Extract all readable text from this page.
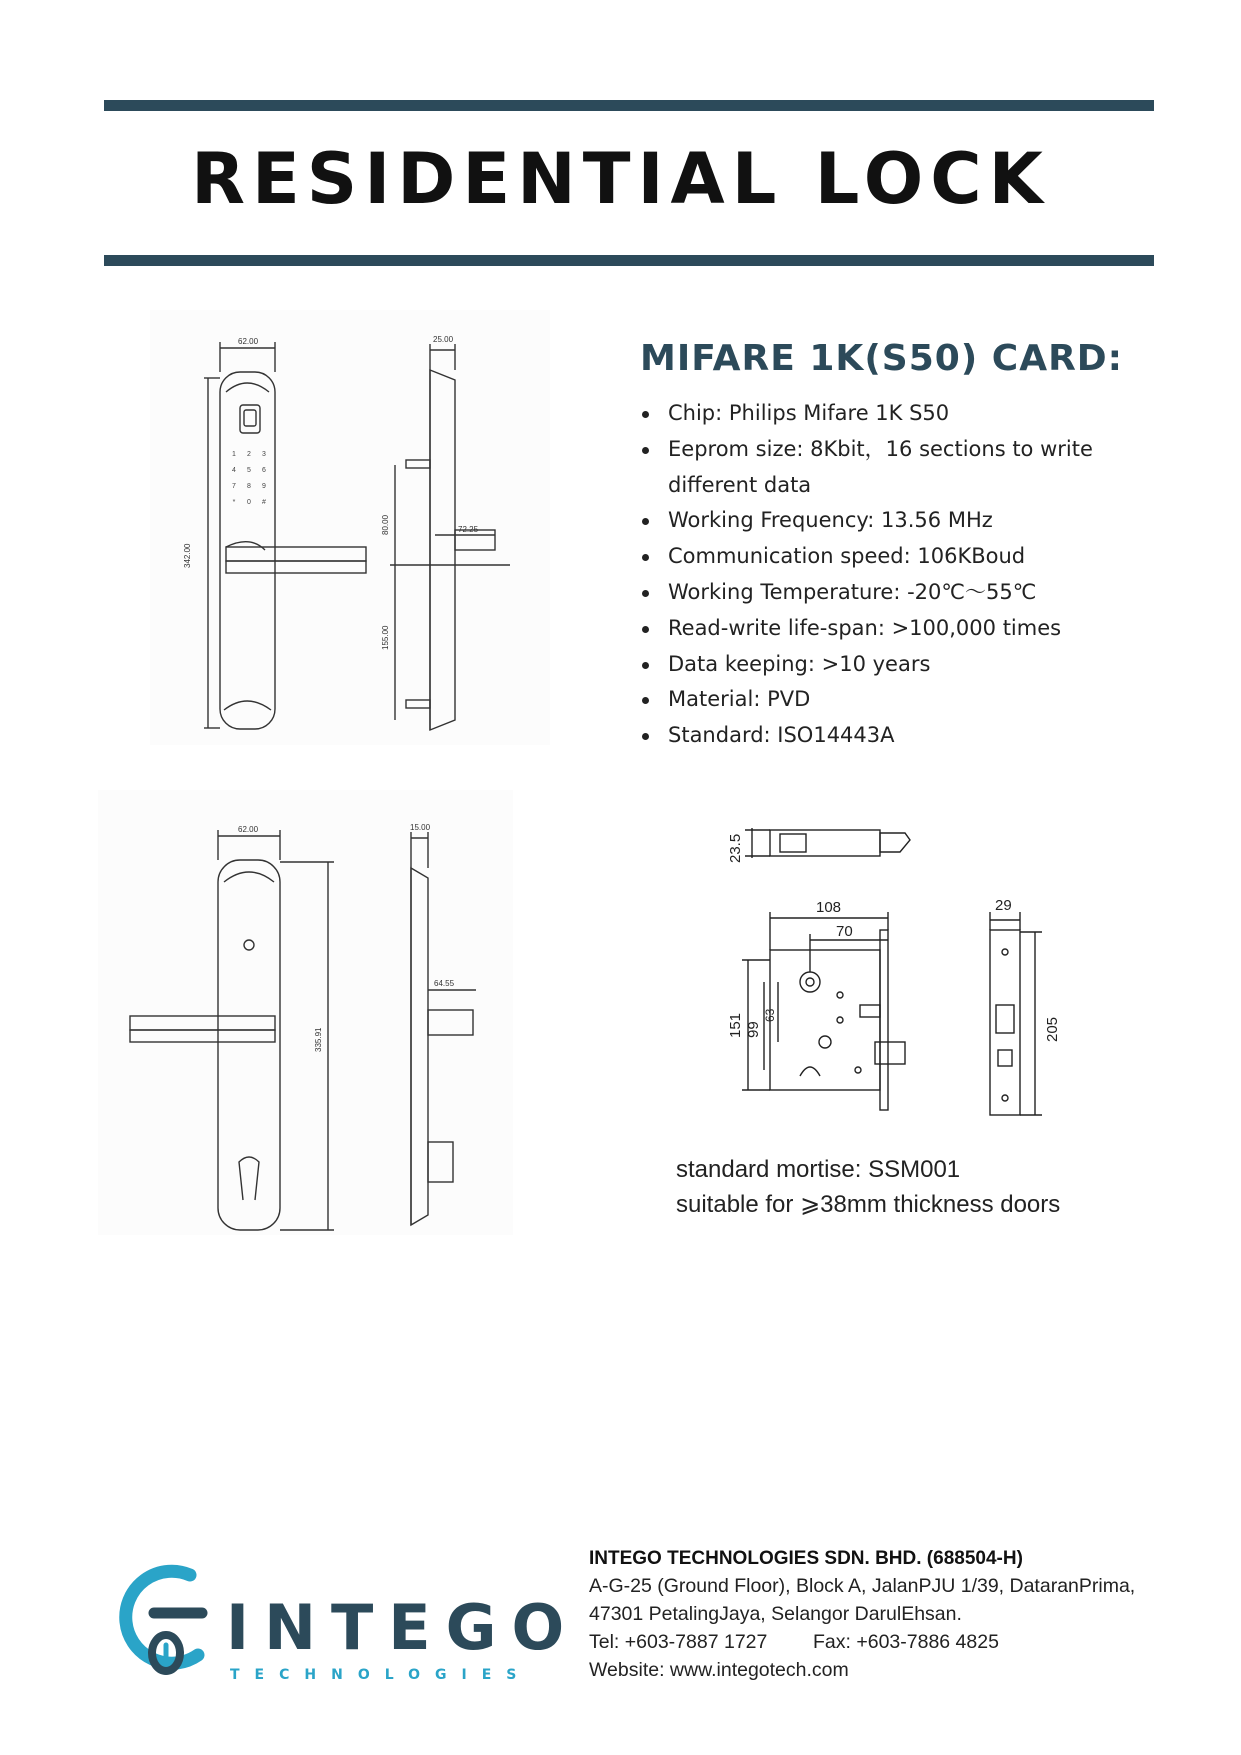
RESIDENTIAL LOCK
62.00	25.00
342.00
80.00	72.25
155.00
1 2 3
4 5 6
7 8 9
* 0 #
62.00	15.00
335.91
64.55
23.5
108
70
151 99
63
29
205
MIFARE 1K(S50) CARD:
Chip: Philips Mifare 1K S50
Eeprom size: 8Kbit，16 sections to write different data
Working Frequency: 13.56 MHz
Communication speed: 106KBoud
Working Temperature: -20℃～55℃
Read-write life-span: >100,000 times
Data keeping: >10 years
Material: PVD
Standard: ISO14443A

standard mortise: SSM001

suitable for ⩾38mm thickness doors

INTEGO
TECHNOLOGIES

INTEGO TECHNOLOGIES SDN. BHD. (688504-H)

A-G-25 (Ground Floor), Block A, JalanPJU 1/39, DataranPrima,

47301 PetalingJaya, Selangor DarulEhsan.

Tel: +603-7887 1727 Fax: +603-7886 4825

Website: www.integotech.com
